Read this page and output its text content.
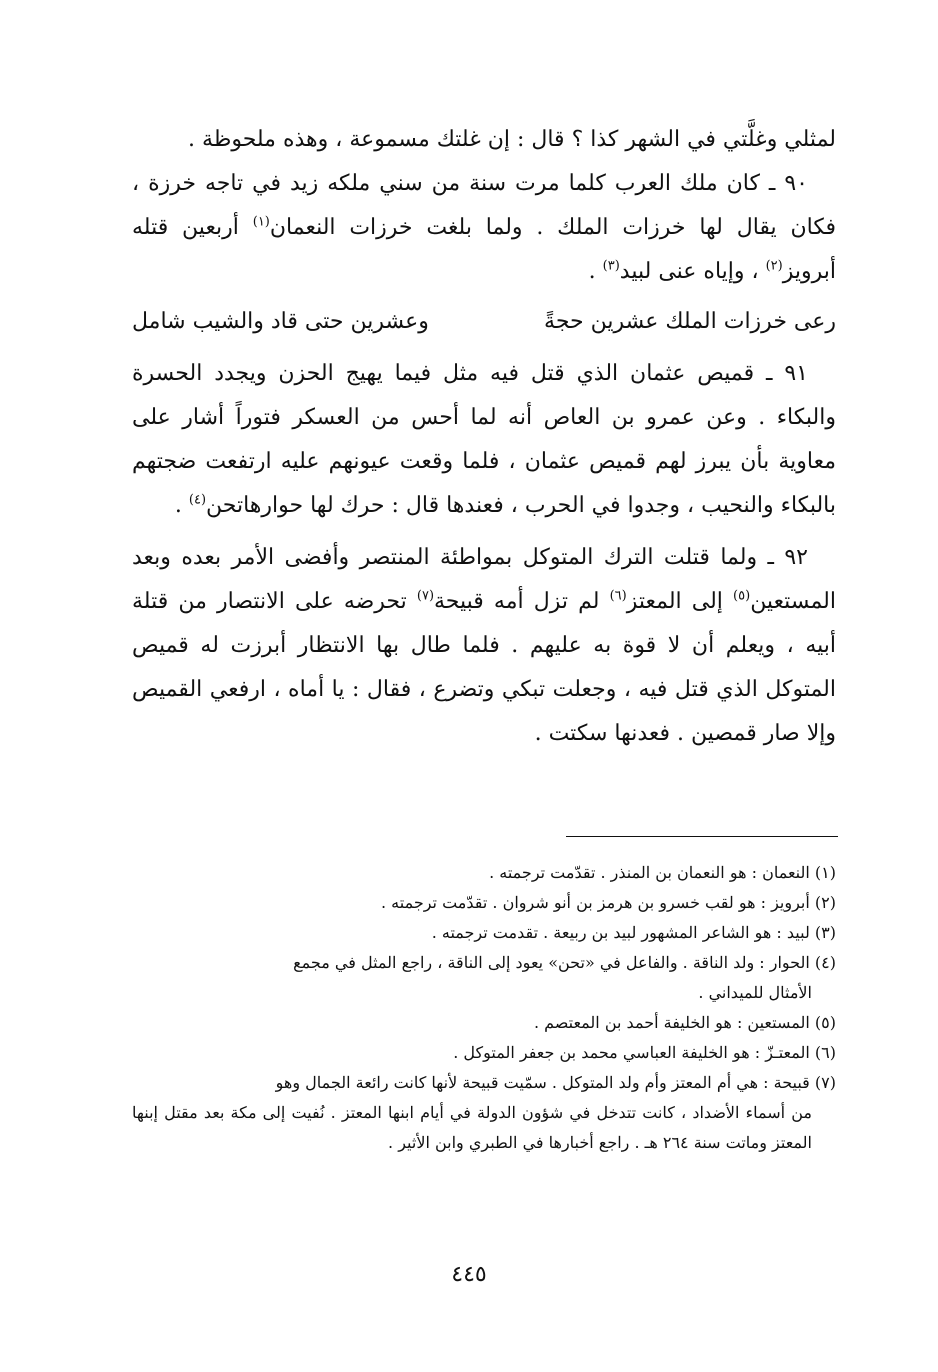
لمثلي وغلَّتي في الشهر كذا ؟ قال : إن غلتك مسموعة ، وهذه ملحوظة .

٩٠ ـ كان ملك العرب كلما مرت سنة من سني ملكه زيد في تاجه خرزة ، فكان يقال لها خرزات الملك . ولما بلغت خرزات النعمان$^{(١)}$ أربعين قتله أبرويز$^{(٢)}$ ، وإياه عنى لبيد$^{(٣)}$ .

رعى خرزات الملك عشرين حجةً
وعشرين حتى قاد والشيب شامل

٩١ ـ قميص عثمان الذي قتل فيه مثل فيما يهيج الحزن ويجدد الحسرة والبكاء . وعن عمرو بن العاص أنه لما أحس من العسكر فتوراً أشار على معاوية بأن يبرز لهم قميص عثمان ، فلما وقعت عيونهم عليه ارتفعت ضجتهم بالبكاء والنحيب ، وجدوا في الحرب ، فعندها قال : حرك لها حوارهاتحن$^{(٤)}$ .

٩٢ ـ ولما قتلت الترك المتوكل بمواطئة المنتصر وأفضى الأمر بعده وبعد المستعين$^{(٥)}$ إلى المعتز$^{(٦)}$ لم تزل أمه قبيحة$^{(٧)}$ تحرضه على الانتصار من قتلة أبيه ، ويعلم أن لا قوة به عليهم . فلما طال بها الانتظار أبرزت له قميص المتوكل الذي قتل فيه ، وجعلت تبكي وتضرع ، فقال : يا أماه ، ارفعي القميص وإلا صار قمصين . فعدنها سكتت .

(١) النعمان : هو النعمان بن المنذر . تقدّمت ترجمته .

(٢) أبرويز : هو لقب خسرو بن هرمز بن أنو شروان . تقدّمت ترجمته .

(٣) لبيد : هو الشاعر المشهور لبيد بن ربيعة . تقدمت ترجمته .

(٤) الحوار : ولد الناقة . والفاعل في «تحن» يعود إلى الناقة ، راجع المثل في مجمع

الأمثال للميداني .

(٥) المستعين : هو الخليفة أحمد بن المعتصم .

(٦) المعتـزّ : هو الخليفة العباسي محمد بن جعفر المتوكل .

(٧) قبيحة : هي أم المعتز وأم ولد المتوكل . سمّيت قبيحة لأنها كانت رائعة الجمال وهو

من أسماء الأضداد ، كانت تتدخل في شؤون الدولة في أيام ابنها المعتز . نُفيت إلى مكة بعد مقتل إبنها المعتز وماتت سنة ٢٦٤ هـ . راجع أخبارها في الطبري وابن الأثير .

٤٤٥
